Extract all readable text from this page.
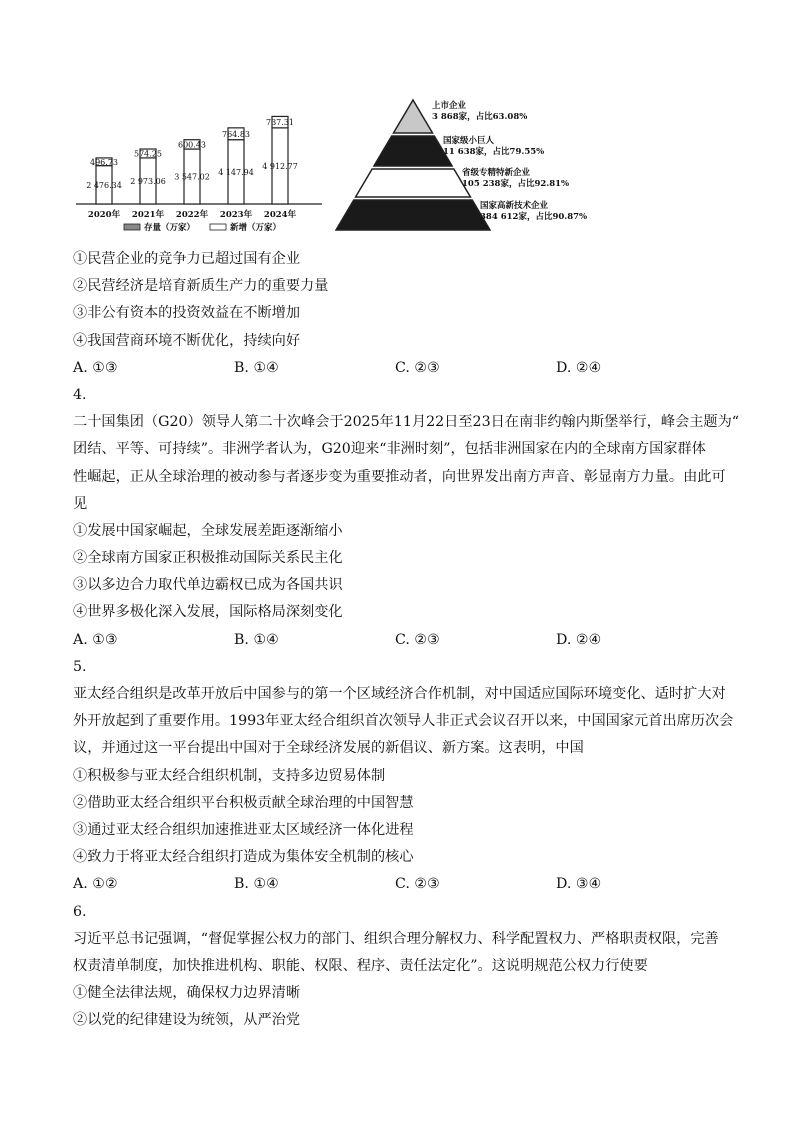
2 476.34
496.73
2020年
2 973.06
574.25
2021年
3 547.02
600.43
2022年
4 147.94
764.83
2023年
4 912.77
737.31
2024年
存量（万家）	新增（万家）
上市企业
3 868家，占比63.08%
国家级小巨人
11 638家，占比79.55%
省级专精特新企业
105 238家，占比92.81%
国家高新技术企业
384 612家，占比90.87%
①民营企业的竞争力已超过国有企业
②民营经济是培育新质生产力的重要力量
③非公有资本的投资效益在不断增加
④我国营商环境不断优化，持续向好
A. ①③	B. ①④	C. ②③	D. ②④
4.
二十国集团（G20）领导人第二十次峰会于2025年11月22日至23日在南非约翰内斯堡举行，峰会主题为“
团结、平等、可持续”。非洲学者认为，G20迎来“非洲时刻”，包括非洲国家在内的全球南方国家群体
性崛起，正从全球治理的被动参与者逐步变为重要推动者，向世界发出南方声音、彰显南方力量。由此可
见
①发展中国家崛起，全球发展差距逐渐缩小
②全球南方国家正积极推动国际关系民主化
③以多边合力取代单边霸权已成为各国共识
④世界多极化深入发展，国际格局深刻变化
A. ①③	B. ①④	C. ②③	D. ②④
5.
亚太经合组织是改革开放后中国参与的第一个区域经济合作机制，对中国适应国际环境变化、适时扩大对
外开放起到了重要作用。1993年亚太经合组织首次领导人非正式会议召开以来，中国国家元首出席历次会
议，并通过这一平台提出中国对于全球经济发展的新倡议、新方案。这表明，中国
①积极参与亚太经合组织机制，支持多边贸易体制
②借助亚太经合组织平台积极贡献全球治理的中国智慧
③通过亚太经合组织加速推进亚太区域经济一体化进程
④致力于将亚太经合组织打造成为集体安全机制的核心
A. ①②	B. ①④	C. ②③	D. ③④
6.
习近平总书记强调，“督促掌握公权力的部门、组织合理分解权力、科学配置权力、严格职责权限，完善
权责清单制度，加快推进机构、职能、权限、程序、责任法定化”。这说明规范公权力行使要
①健全法律法规，确保权力边界清晰
②以党的纪律建设为统领，从严治党
